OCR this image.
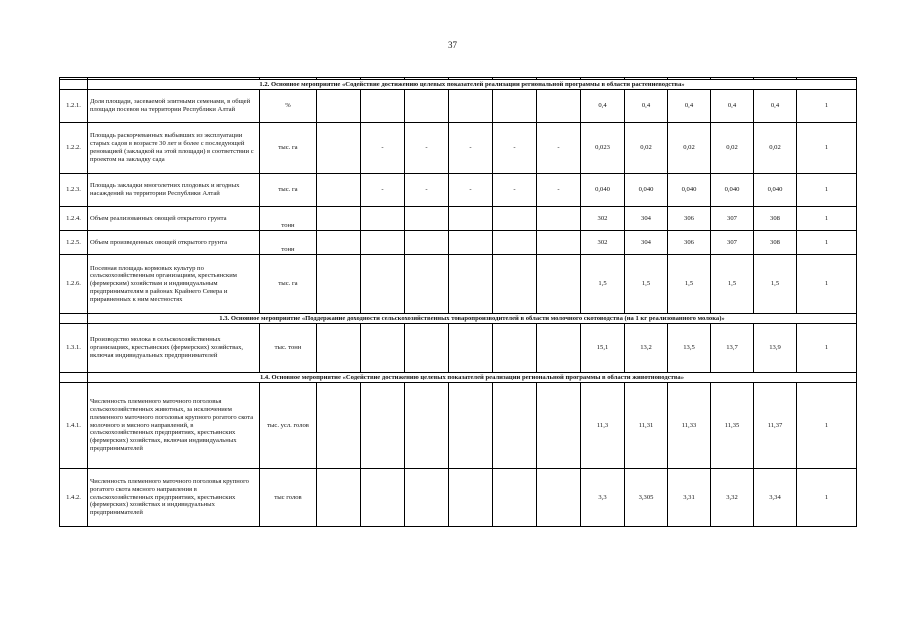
37

	1.2. Основное мероприятие «Содействие достижению целевых показателей реализации региональной программы в области растениеводства»													
1.2.1.	Доля площади, засеваемой элитными семенами, в общей площади посевов на территории Республики Алтай	%							0,4	0,4	0,4	0,4	0,4	1
1.2.2.	Площадь раскорчеванных выбывших из эксплуатации старых садов в возрасте 30 лет и более с последующей реновацией (закладкой на этой площади) в соответствии с проектом на закладку сада	тыс. га		-	-	-	-	-	0,023	0,02	0,02	0,02	0,02	1
1.2.3.	Площадь закладки многолетних плодовых и ягодных насаждений на территории Республики Алтай	тыс. га		-	-	-	-	-	0,040	0,040	0,040	0,040	0,040	1
1.2.4.	Объем реализованных овощей открытого грунта	тонн							302	304	306	307	308	1
1.2.5.	Объем произведенных овощей открытого грунта	тонн							302	304	306	307	308	1
1.2.6.	Посевная площадь кормовых культур по сельскохозяйственным организациям, крестьянским (фермерским) хозяйствам и индивидуальным предпринимателям в районах Крайнего Севера и приравненных к ним местностях	тыс. га							1,5	1,5	1,5	1,5	1,5	1
	1.3. Основное мероприятие «Поддержание доходности сельскохозяйственных товаропроизводителей в области молочного скотоводства (на 1 кг реализованного молока)»													
1.3.1.	Производство молока в сельскохозяйственных организациях, крестьянских (фермерских) хозяйствах, включая индивидуальных предпринимателей	тыс. тонн							15,1	13,2	13,5	13,7	13,9	1
	1.4. Основное мероприятие «Содействие достижению целевых показателей реализации региональной программы в области животноводства»													
1.4.1.	Численность племенного маточного поголовья сельскохозяйственных животных, за исключением племенного маточного поголовья крупного рогатого скота молочного и мясного направлений, в сельскохозяйственных предприятиях, крестьянских (фермерских) хозяйствах, включая индивидуальных предпринимателей	тыс. усл. голов							11,3	11,31	11,33	11,35	11,37	1
1.4.2.	Численность племенного маточного поголовья крупного рогатого скота мясного направления в сельскохозяйственных предприятиях, крестьянских (фермерских) хозяйствах и индивидуальных предпринимателей	тыс голов							3,3	3,305	3,31	3,32	3,34	1
